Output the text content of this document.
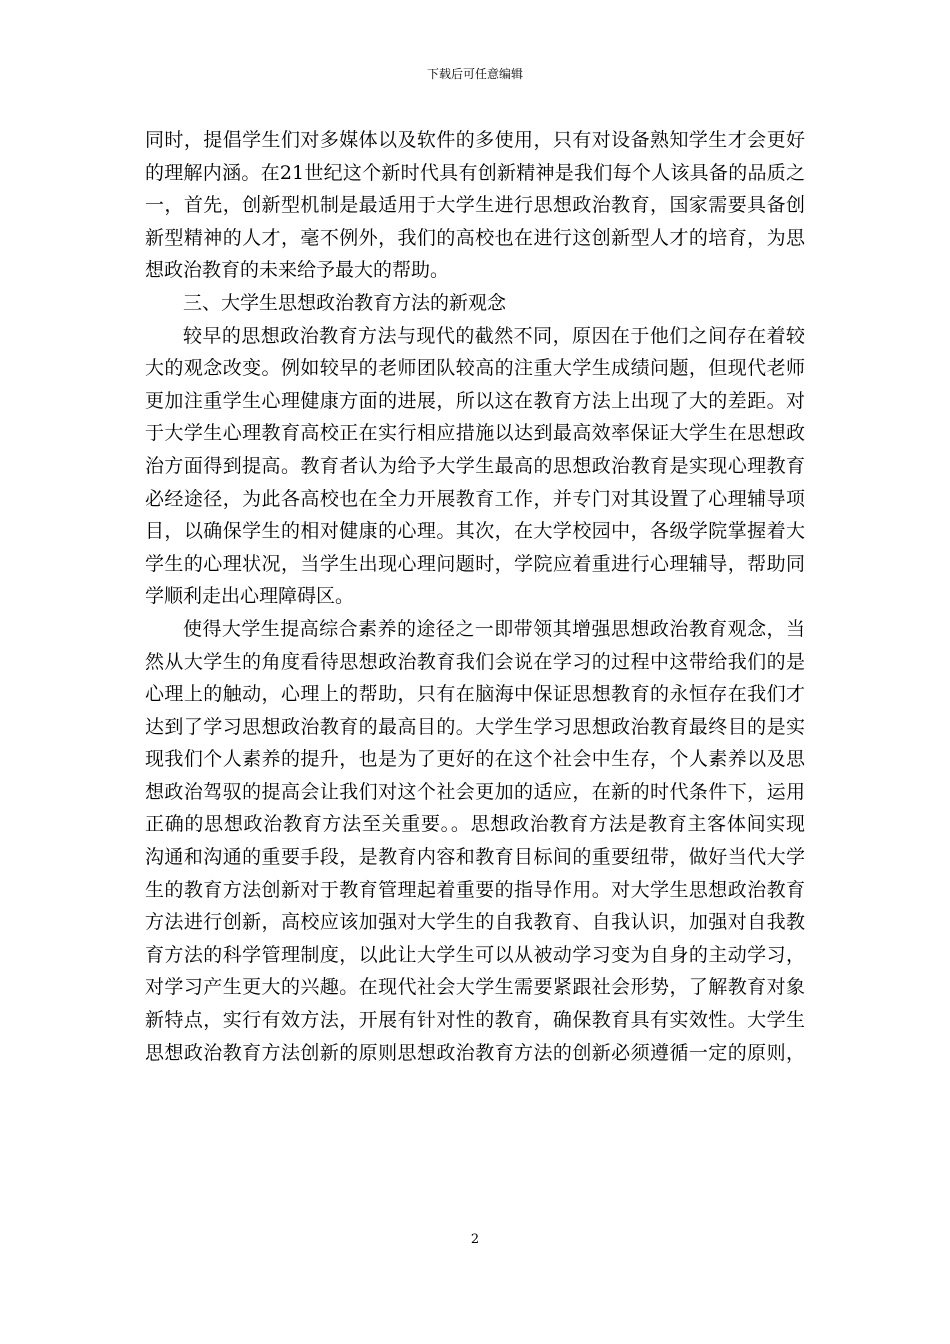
下载后可任意编辑

同时，提倡学生们对多媒体以及软件的多使用，只有对设备熟知学生才会更好
的理解内涵。在21世纪这个新时代具有创新精神是我们每个人该具备的品质之
一，首先，创新型机制是最适用于大学生进行思想政治教育，国家需要具备创
新型精神的人才，毫不例外，我们的高校也在进行这创新型人才的培育，为思
想政治教育的未来给予最大的帮助。

三、大学生思想政治教育方法的新观念

较早的思想政治教育方法与现代的截然不同，原因在于他们之间存在着较
大的观念改变。例如较早的老师团队较高的注重大学生成绩问题，但现代老师
更加注重学生心理健康方面的进展，所以这在教育方法上出现了大的差距。对
于大学生心理教育高校正在实行相应措施以达到最高效率保证大学生在思想政
治方面得到提高。教育者认为给予大学生最高的思想政治教育是实现心理教育
必经途径，为此各高校也在全力开展教育工作，并专门对其设置了心理辅导项
目，以确保学生的相对健康的心理。其次，在大学校园中，各级学院掌握着大
学生的心理状况，当学生出现心理问题时，学院应着重进行心理辅导，帮助同
学顺利走出心理障碍区。

使得大学生提高综合素养的途径之一即带领其增强思想政治教育观念，当
然从大学生的角度看待思想政治教育我们会说在学习的过程中这带给我们的是
心理上的触动，心理上的帮助，只有在脑海中保证思想教育的永恒存在我们才
达到了学习思想政治教育的最高目的。大学生学习思想政治教育最终目的是实
现我们个人素养的提升，也是为了更好的在这个社会中生存，个人素养以及思
想政治驾驭的提高会让我们对这个社会更加的适应，在新的时代条件下，运用
正确的思想政治教育方法至关重要。。思想政治教育方法是教育主客体间实现
沟通和沟通的重要手段，是教育内容和教育目标间的重要纽带，做好当代大学
生的教育方法创新对于教育管理起着重要的指导作用。对大学生思想政治教育
方法进行创新，高校应该加强对大学生的自我教育、自我认识，加强对自我教
育方法的科学管理制度，以此让大学生可以从被动学习变为自身的主动学习，
对学习产生更大的兴趣。在现代社会大学生需要紧跟社会形势，了解教育对象
新特点，实行有效方法，开展有针对性的教育，确保教育具有实效性。大学生
思想政治教育方法创新的原则思想政治教育方法的创新必须遵循一定的原则，

2
